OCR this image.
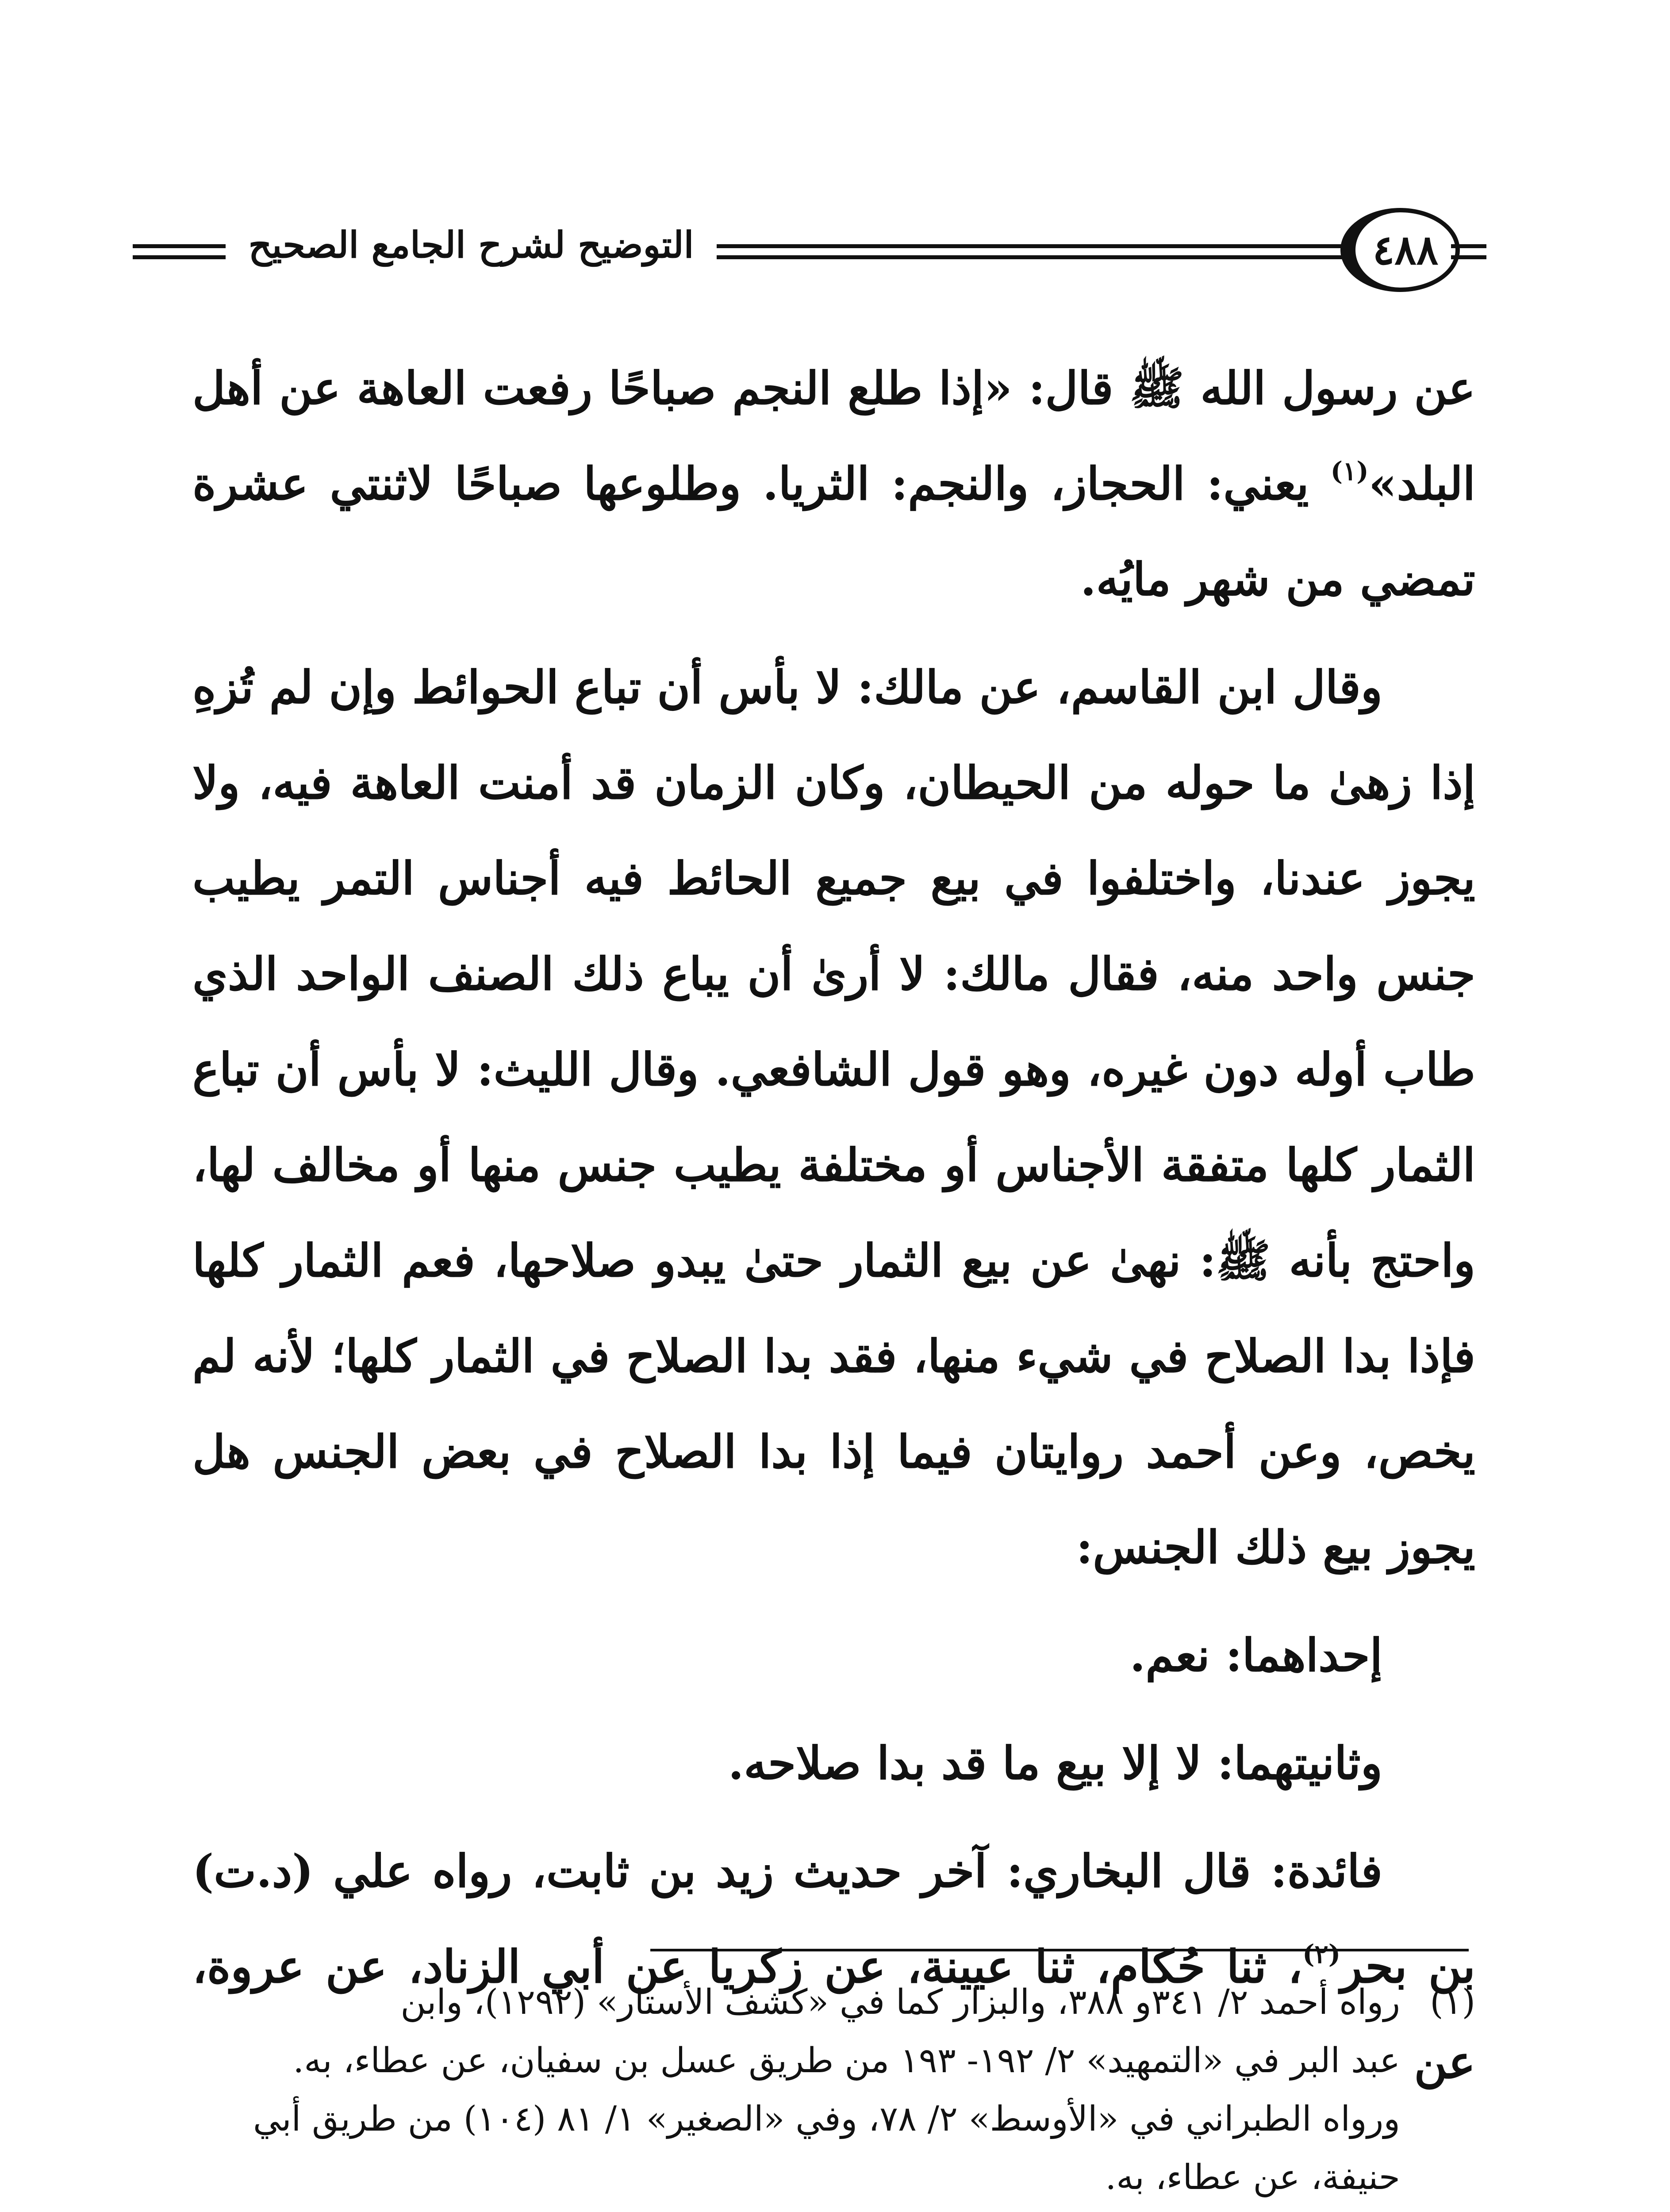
التوضيح لشرح الجامع الصحيح	٤٨٨

عن رسول الله ﷺ قال: «إذا طلع النجم صباحًا رفعت العاهة عن أهل البلد»$^{(١)}$ يعني: الحجاز، والنجم: الثريا. وطلوعها صباحًا لاثنتي عشرة تمضي من شهر مايُه.

وقال ابن القاسم، عن مالك: لا بأس أن تباع الحوائط وإن لم تُزهِ إذا زهىٰ ما حوله من الحيطان، وكان الزمان قد أمنت العاهة فيه، ولا يجوز عندنا، واختلفوا في بيع جميع الحائط فيه أجناس التمر يطيب جنس واحد منه، فقال مالك: لا أرىٰ أن يباع ذلك الصنف الواحد الذي طاب أوله دون غيره، وهو قول الشافعي. وقال الليث: لا بأس أن تباع الثمار كلها متفقة الأجناس أو مختلفة يطيب جنس منها أو مخالف لها، واحتج بأنه ﷺ: نهىٰ عن بيع الثمار حتىٰ يبدو صلاحها، فعم الثمار كلها فإذا بدا الصلاح في شيء منها، فقد بدا الصلاح في الثمار كلها؛ لأنه لم يخص، وعن أحمد روايتان فيما إذا بدا الصلاح في بعض الجنس هل يجوز بيع ذلك الجنس:

إحداهما: نعم.

وثانيتهما: لا إلا بيع ما قد بدا صلاحه.

فائدة: قال البخاري: آخر حديث زيد بن ثابت، رواه علي (د.ت) بن بحر$^{(٢)}$، ثنا حُكام، ثنا عيينة، عن زكريا عن أبي الزناد، عن عروة، عن

(١)
رواه أحمد ٢/ ٣٤١و ٣٨٨، والبزار كما في «كشف الأستار» (١٢٩٢)، وابن
عبد البر في «التمهيد» ٢/ ١٩٢- ١٩٣ من طريق عسل بن سفيان، عن عطاء، به.
ورواه الطبراني في «الأوسط» ٢/ ٧٨، وفي «الصغير» ١/ ٨١ (١٠٤) من طريق أبي
حنيفة، عن عطاء، به.
